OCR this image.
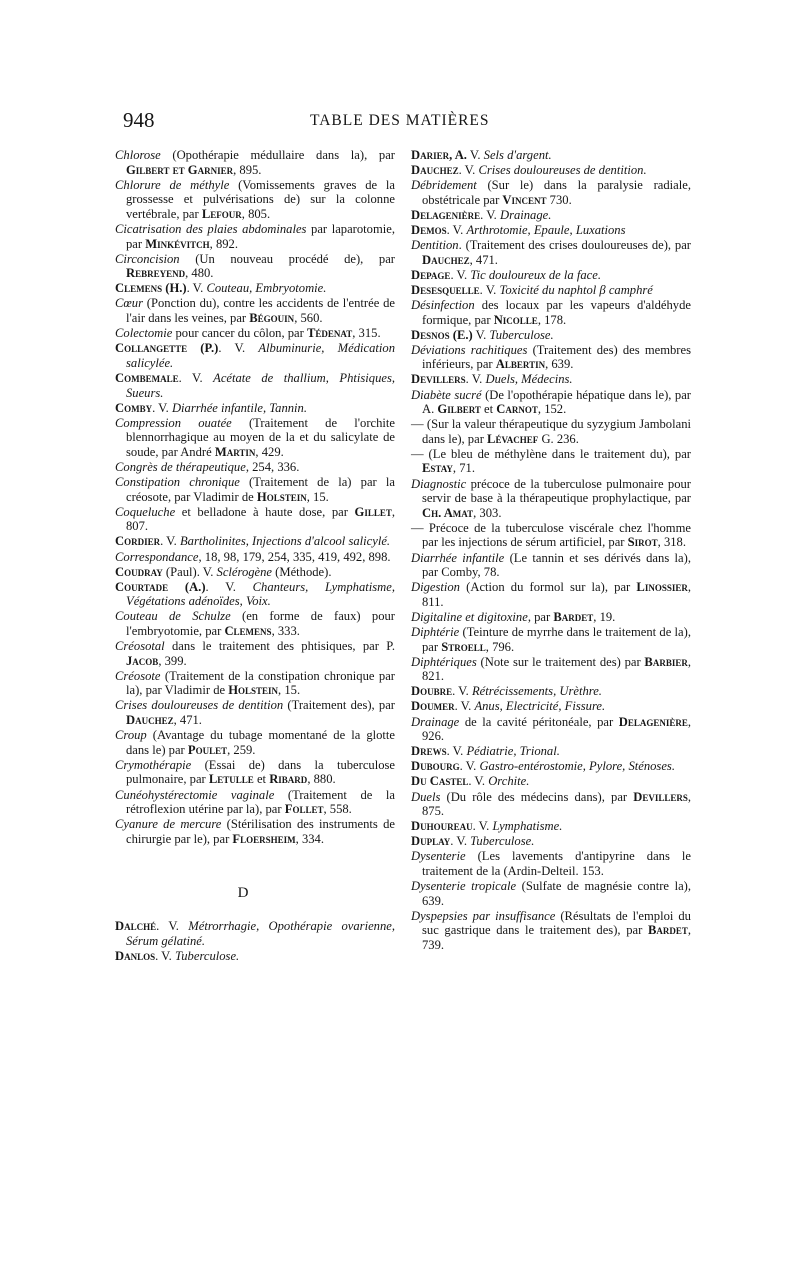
948	TABLE DES MATIÈRES
Chlorose (Opothérapie médullaire dans la), par Gilbert et Garnier, 895.
Chlorure de méthyle (Vomissements graves de la grossesse et pulvérisations de) sur la colonne vertébrale, par Lefour, 805.
Cicatrisation des plaies abdominales par laparotomie, par Minkévitch, 892.
Circoncision (Un nouveau procédé de), par Rebreyend, 480.
Clemens (H.). V. Couteau, Embryotomie.
Cœur (Ponction du), contre les accidents de l'entrée de l'air dans les veines, par Bégouin, 560.
Colectomie pour cancer du côlon, par Tédenat, 315.
Collangette (P.). V. Albuminurie, Médication salicylée.
Combemale. V. Acétate de thallium, Phtisiques, Sueurs.
Comby. V. Diarrhée infantile, Tannin.
Compression ouatée (Traitement de l'orchite blennorrhagique au moyen de la et du salicylate de soude, par André Martin, 429.
Congrès de thérapeutique, 254, 336.
Constipation chronique (Traitement de la) par la créosote, par Vladimir de Holstein, 15.
Coqueluche et belladone à haute dose, par Gillet, 807.
Cordier. V. Bartholinites, Injections d'alcool salicylé.
Correspondance, 18, 98, 179, 254, 335, 419, 492, 898.
Coudray (Paul). V. Sclérogène (Méthode).
Courtade (A.). V. Chanteurs, Lymphatisme, Végétations adénoïdes, Voix.
Couteau de Schulze (en forme de faux) pour l'embryotomie, par Clemens, 333.
Créosotal dans le traitement des phtisiques, par P. Jacob, 399.
Créosote (Traitement de la constipation chronique par la), par Vladimir de Holstein, 15.
Crises douloureuses de dentition (Traitement des), par Dauchez, 471.
Croup (Avantage du tubage momentané de la glotte dans le) par Poulet, 259.
Crymothérapie (Essai de) dans la tuberculose pulmonaire, par Letulle et Ribard, 880.
Cunéohystérectomie vaginale (Traitement de la rétroflexion utérine par la), par Follet, 558.
Cyanure de mercure (Stérilisation des instruments de chirurgie par le), par Floersheim, 334.
D
Dalché. V. Métrorrhagie, Opothérapie ovarienne, Sérum gélatiné.
Danlos. V. Tuberculose.
Darier, A. V. Sels d'argent.
Dauchez. V. Crises douloureuses de dentition.
Débridement (Sur le) dans la paralysie radiale, obstétricale par Vincent 730.
Delagenière. V. Drainage.
Demos. V. Arthrotomie, Epaule, Luxations
Dentition. (Traitement des crises douloureuses de), par Dauchez, 471.
Depage. V. Tic douloureux de la face.
Desesquelle. V. Toxicité du naphtol β camphré
Désinfection des locaux par les vapeurs d'aldéhyde formique, par Nicolle, 178.
Desnos (E.) V. Tuberculose.
Déviations rachitiques (Traitement des) des membres inférieurs, par Albertin, 639.
Devillers. V. Duels, Médecins.
Diabète sucré (De l'opothérapie hépatique dans le), par A. Gilbert et Carnot, 152.
— (Sur la valeur thérapeutique du syzygium Jambolani dans le), par Lévachef G. 236.
— (Le bleu de méthylène dans le traitement du), par Estay, 71.
Diagnostic précoce de la tuberculose pulmonaire pour servir de base à la thérapeutique prophylactique, par Ch. Amat, 303.
— Précoce de la tuberculose viscérale chez l'homme par les injections de sérum artificiel, par Sirot, 318.
Diarrhée infantile (Le tannin et ses dérivés dans la), par Comby, 78.
Digestion (Action du formol sur la), par Linossier, 811.
Digitaline et digitoxine, par Bardet, 19.
Diphtérie (Teinture de myrrhe dans le traitement de la), par Stroell, 796.
Diphtériques (Note sur le traitement des) par Barbier, 821.
Doubre. V. Rétrécissements, Urèthre.
Doumer. V. Anus, Electricité, Fissure.
Drainage de la cavité péritonéale, par Delagenière, 926.
Drews. V. Pédiatrie, Trional.
Dubourg. V. Gastro-entérostomie, Pylore, Sténoses.
Du Castel. V. Orchite.
Duels (Du rôle des médecins dans), par Devillers, 875.
Duhoureau. V. Lymphatisme.
Duplay. V. Tuberculose.
Dysenterie (Les lavements d'antipyrine dans le traitement de la (Ardin-Delteil. 153.
Dysenterie tropicale (Sulfate de magnésie contre la), 639.
Dyspepsies par insuffisance (Résultats de l'emploi du suc gastrique dans le traitement des), par Bardet, 739.
